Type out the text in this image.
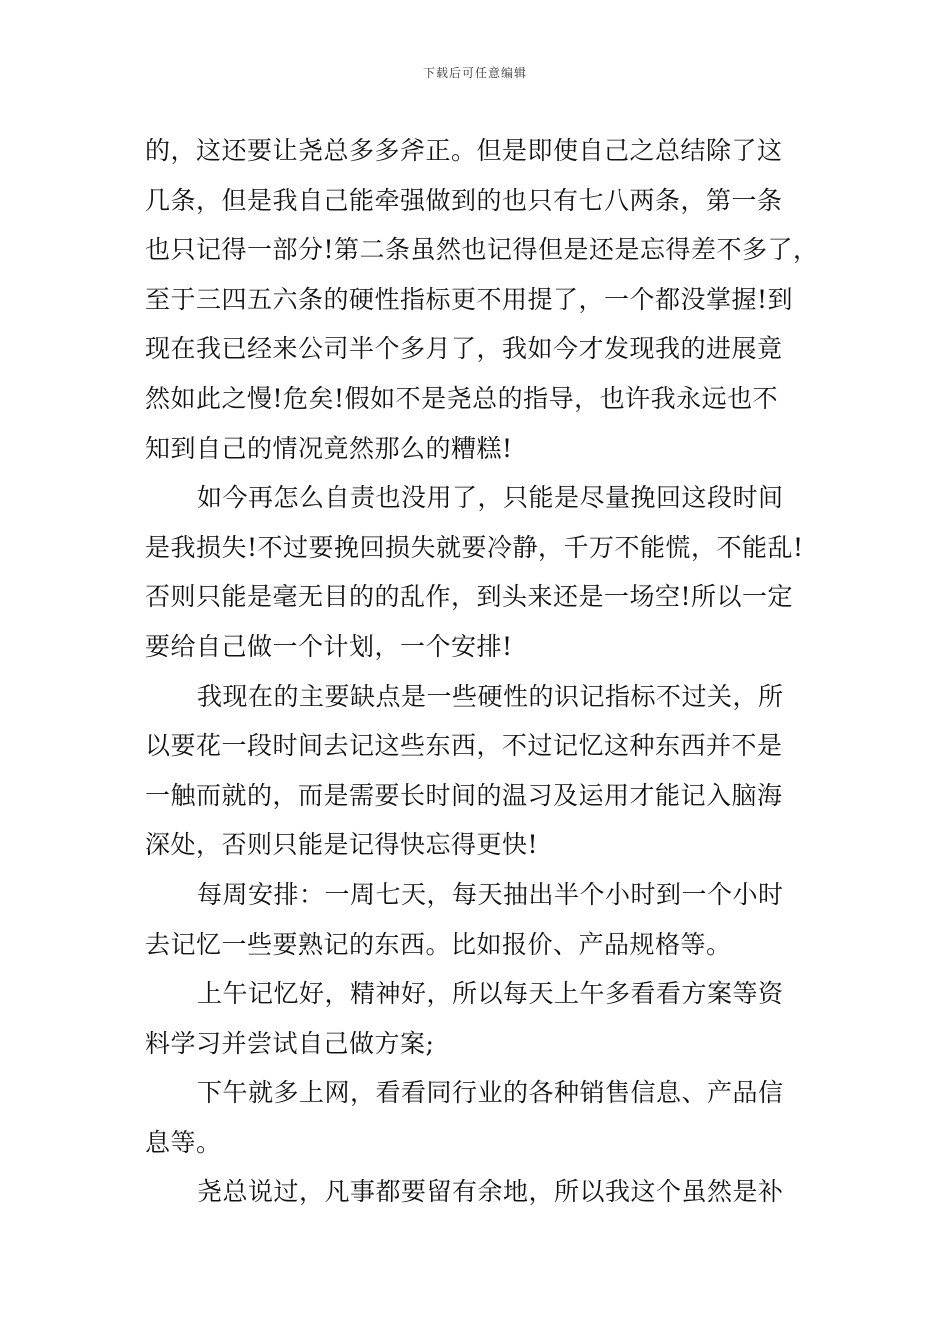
下载后可任意编辑
的，这还要让尧总多多斧正。但是即使自己之总结除了这
几条，但是我自己能牵强做到的也只有七八两条，第一条
也只记得一部分!第二条虽然也记得但是还是忘得差不多了，
至于三四五六条的硬性指标更不用提了，一个都没掌握!到
现在我已经来公司半个多月了，我如今才发现我的进展竟
然如此之慢!危矣!假如不是尧总的指导，也许我永远也不
知到自己的情况竟然那么的糟糕!
如今再怎么自责也没用了，只能是尽量挽回这段时间
是我损失!不过要挽回损失就要冷静，千万不能慌，不能乱!
否则只能是毫无目的的乱作，到头来还是一场空!所以一定
要给自己做一个计划，一个安排!
我现在的主要缺点是一些硬性的识记指标不过关，所
以要花一段时间去记这些东西，不过记忆这种东西并不是
一触而就的，而是需要长时间的温习及运用才能记入脑海
深处，否则只能是记得快忘得更快!
每周安排：一周七天，每天抽出半个小时到一个小时
去记忆一些要熟记的东西。比如报价、产品规格等。
上午记忆好，精神好，所以每天上午多看看方案等资
料学习并尝试自己做方案;
下午就多上网，看看同行业的各种销售信息、产品信
息等。
尧总说过，凡事都要留有余地，所以我这个虽然是补
